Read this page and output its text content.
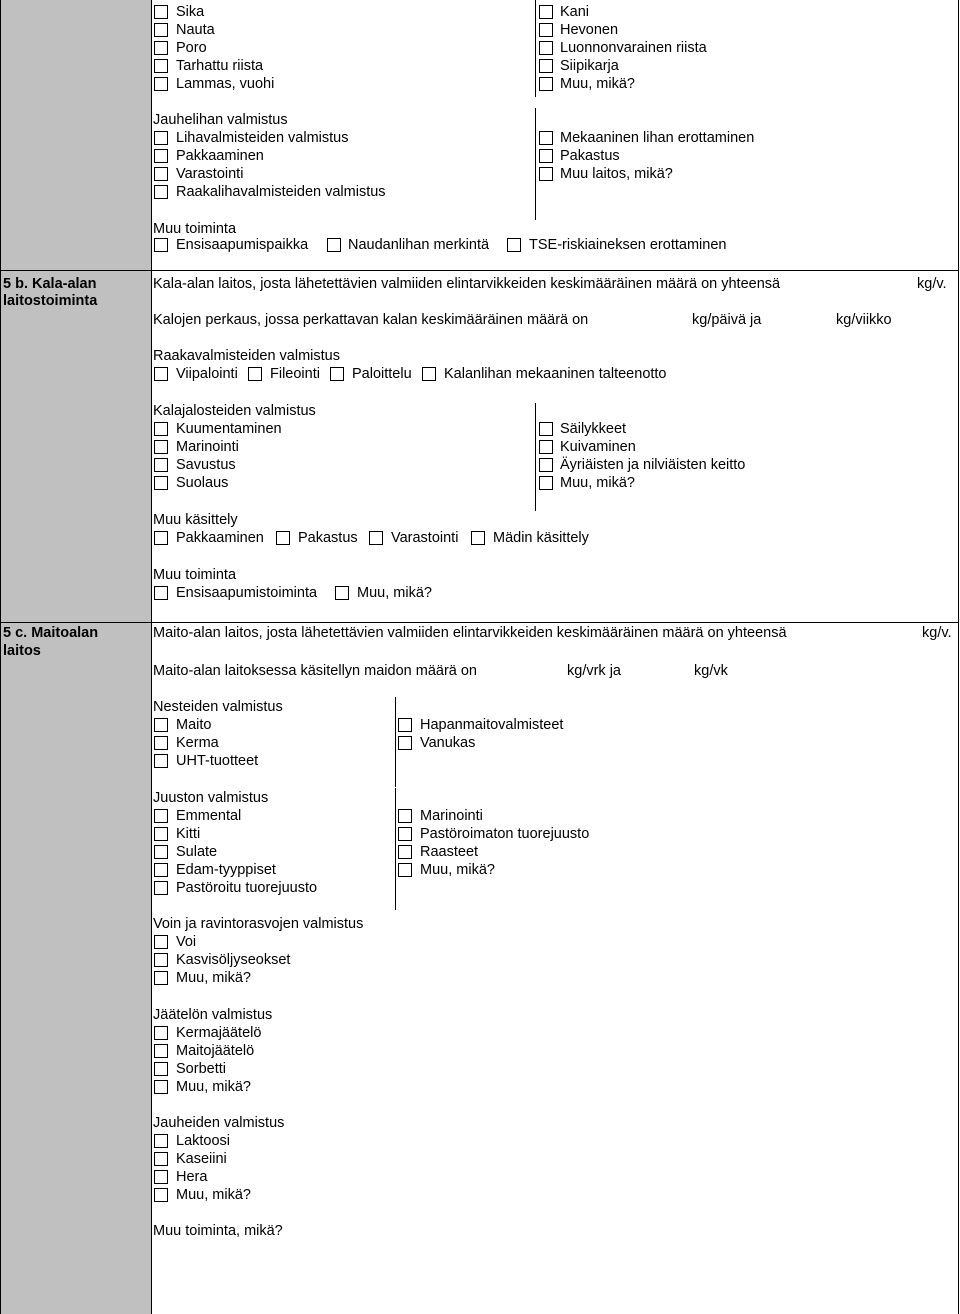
Sika
Nauta
Poro
Tarhattu riista
Lammas, vuohi
Kani
Hevonen
Luonnonvarainen riista
Siipikarja
Muu, mikä?
Jauhelihan valmistus
Lihavalmisteiden valmistus
Pakkaaminen
Varastointi
Raakalihavalmisteiden valmistus
Mekaaninen lihan erottaminen
Pakastus
Muu laitos, mikä?
Muu toiminta
Ensisaapumispaikka	Naudanlihan merkintä	TSE-riskiaineksen erottaminen
5 b. Kala-alan
laitostoiminta
Kala-alan laitos, josta lähetettävien valmiiden elintarvikkeiden keskimääräinen määrä on yhteensä	kg/v.
Kalojen perkaus, jossa perkattavan kalan keskimääräinen määrä on	kg/päivä ja	kg/viikko
Raakavalmisteiden valmistus
Viipalointi Fileointi Paloittelu Kalanlihan mekaaninen talteenotto
Kalajalosteiden valmistus
Kuumentaminen
Marinointi
Savustus
Suolaus
Säilykkeet
Kuivaminen
Äyriäisten ja nilviäisten keitto
Muu, mikä?
Muu käsittely
Pakkaaminen Pakastus Varastointi Mädin käsittely
Muu toiminta
Ensisaapumistoiminta	Muu, mikä?
5 c. Maitoalan
laitos
Maito-alan laitos, josta lähetettävien valmiiden elintarvikkeiden keskimääräinen määrä on yhteensä	kg/v.
Maito-alan laitoksessa käsitellyn maidon määrä on	kg/vrk ja	kg/vk
Nesteiden valmistus
Maito
Kerma
UHT-tuotteet
Hapanmaitovalmisteet
Vanukas
Juuston valmistus
Emmental
Kitti
Sulate
Edam-tyyppiset
Pastöroitu tuorejuusto
Marinointi
Pastöroimaton tuorejuusto
Raasteet
Muu, mikä?
Voin ja ravintorasvojen valmistus
Voi
Kasvisöljyseokset
Muu, mikä?
Jäätelön valmistus
Kermajäätelö
Maitojäätelö
Sorbetti
Muu, mikä?
Jauheiden valmistus
Laktoosi
Kaseiini
Hera
Muu, mikä?
Muu toiminta, mikä?
